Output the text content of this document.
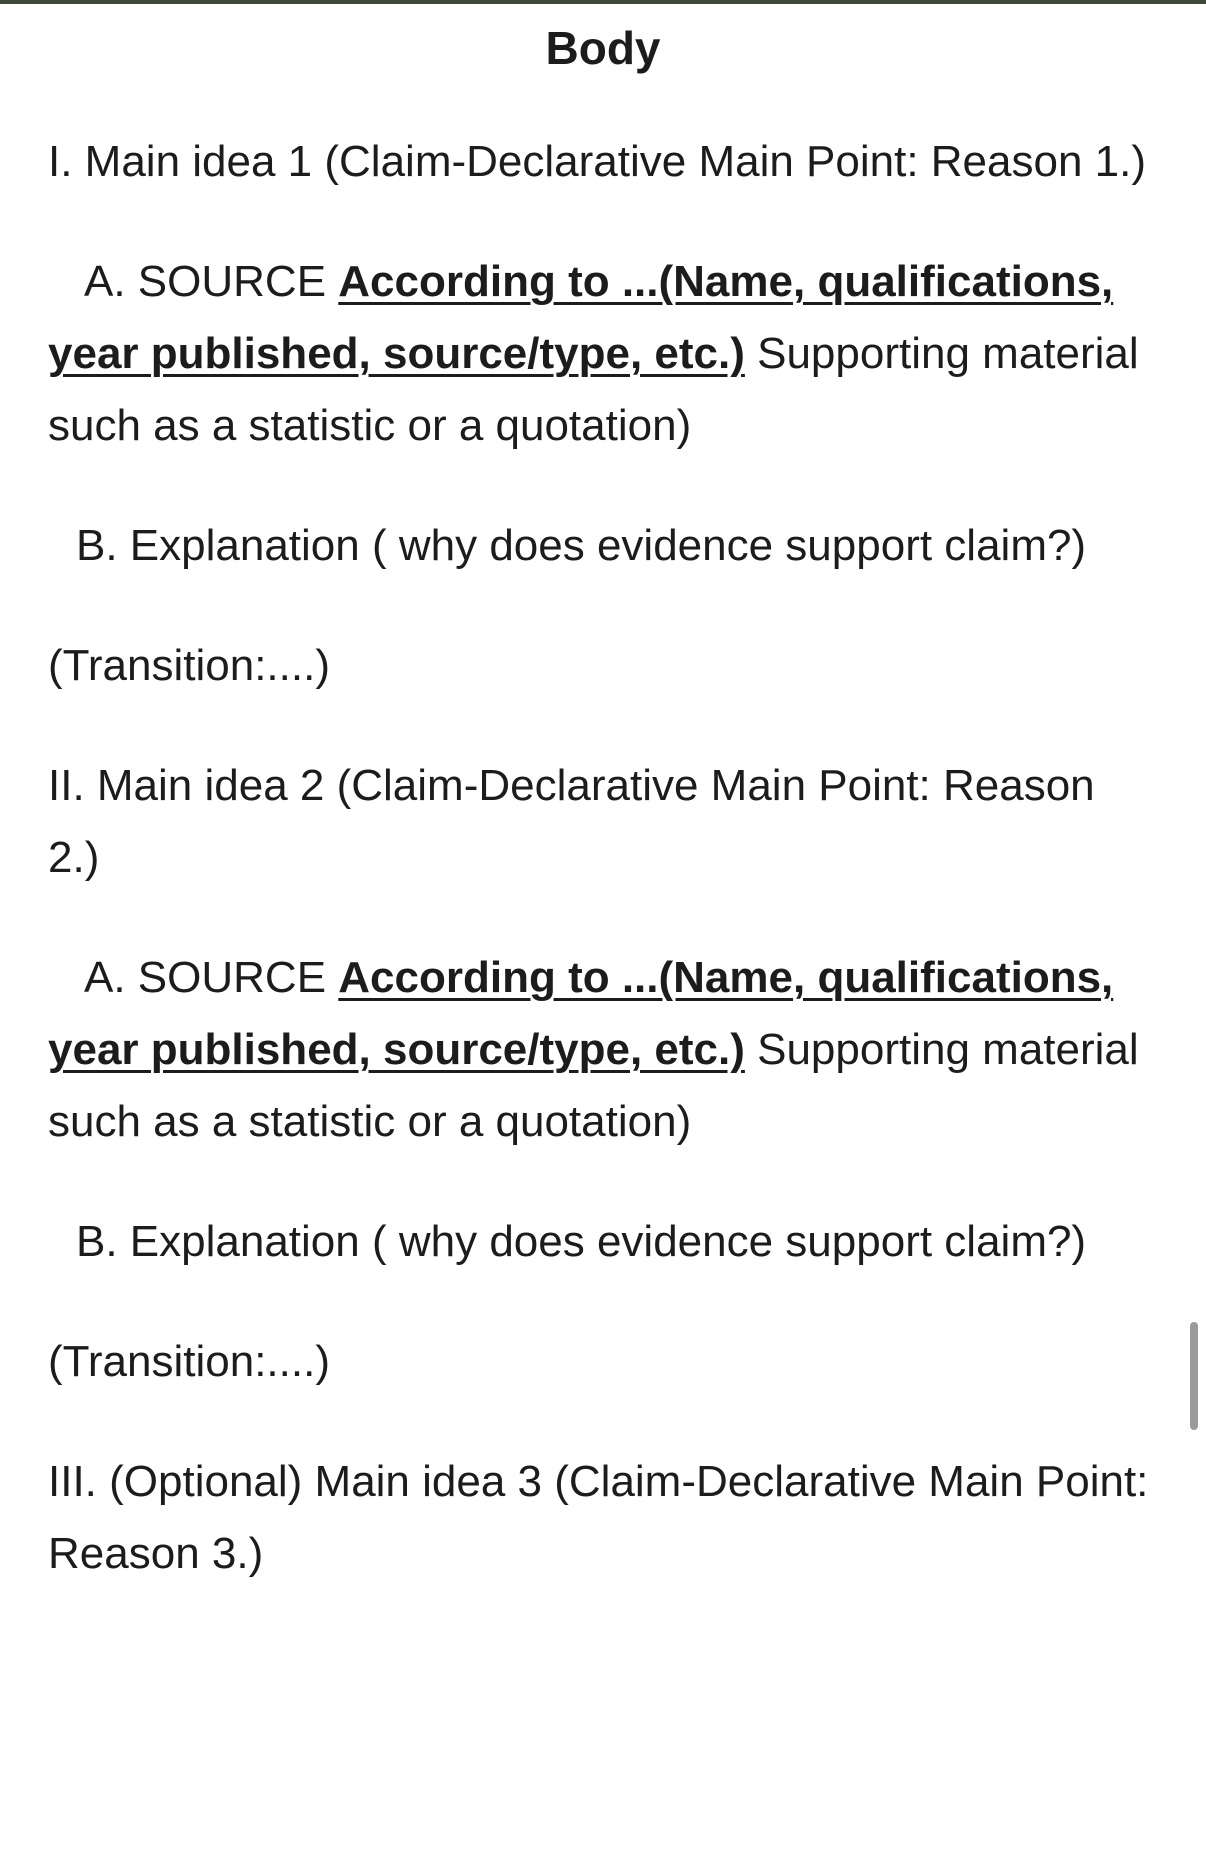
Body

I. Main idea 1 (Claim-Declarative Main Point: Reason 1.)

A. SOURCE According to ...(Name, qualifications, year published, source/type, etc.) Supporting material such as a statistic or a quotation)

B. Explanation ( why does evidence support claim?)

(Transition:....)

II. Main idea 2 (Claim-Declarative Main Point: Reason 2.)

A. SOURCE According to ...(Name, qualifications, year published, source/type, etc.) Supporting material such as a statistic or a quotation)

B. Explanation ( why does evidence support claim?)

(Transition:....)

III. (Optional) Main idea 3 (Claim-Declarative Main Point: Reason 3.)
